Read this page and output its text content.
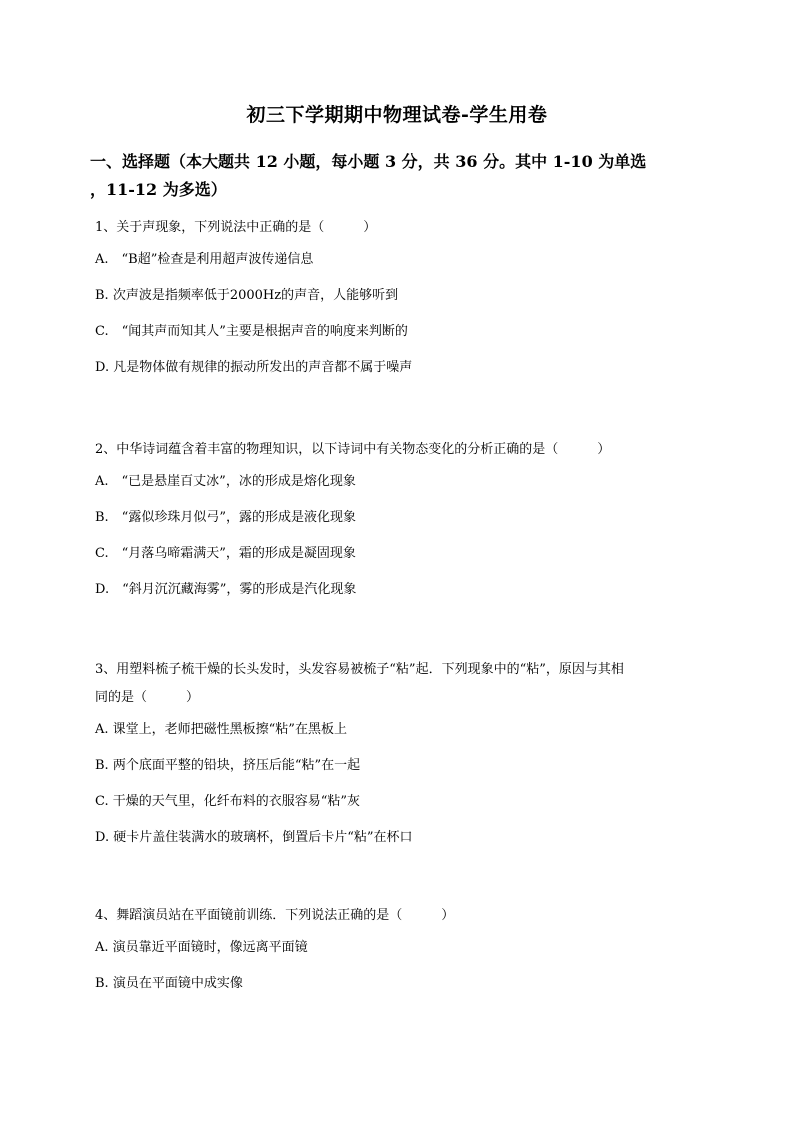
初三下学期期中物理试卷-学生用卷
一、选择题（本大题共 12 小题，每小题 3 分，共 36 分。其中 1-10 为单选
，11-12 为多选）
1、关于声现象，下列说法中正确的是（　　　）
A.　“B超”检查是利用超声波传递信息
B. 次声波是指频率低于2000Hz的声音，人能够听到
C.　“闻其声而知其人”主要是根据声音的响度来判断的
D. 凡是物体做有规律的振动所发出的声音都不属于噪声
2、中华诗词蕴含着丰富的物理知识，以下诗词中有关物态变化的分析正确的是（　　　）
A.　“已是悬崖百丈冰”，冰的形成是熔化现象
B.　“露似珍珠月似弓”，露的形成是液化现象
C.　“月落乌啼霜满天”，霜的形成是凝固现象
D.　“斜月沉沉藏海雾”，雾的形成是汽化现象
3、用塑料梳子梳干燥的长头发时，头发容易被梳子“粘”起．下列现象中的“粘”，原因与其相
同的是（　　　）
A. 课堂上，老师把磁性黑板擦“粘”在黑板上
B. 两个底面平整的铅块，挤压后能“粘”在一起
C. 干燥的天气里，化纤布料的衣服容易“粘”灰
D. 硬卡片盖住装满水的玻璃杯，倒置后卡片“粘”在杯口
4、舞蹈演员站在平面镜前训练．下列说法正确的是（　　　）
A. 演员靠近平面镜时，像远离平面镜
B. 演员在平面镜中成实像
